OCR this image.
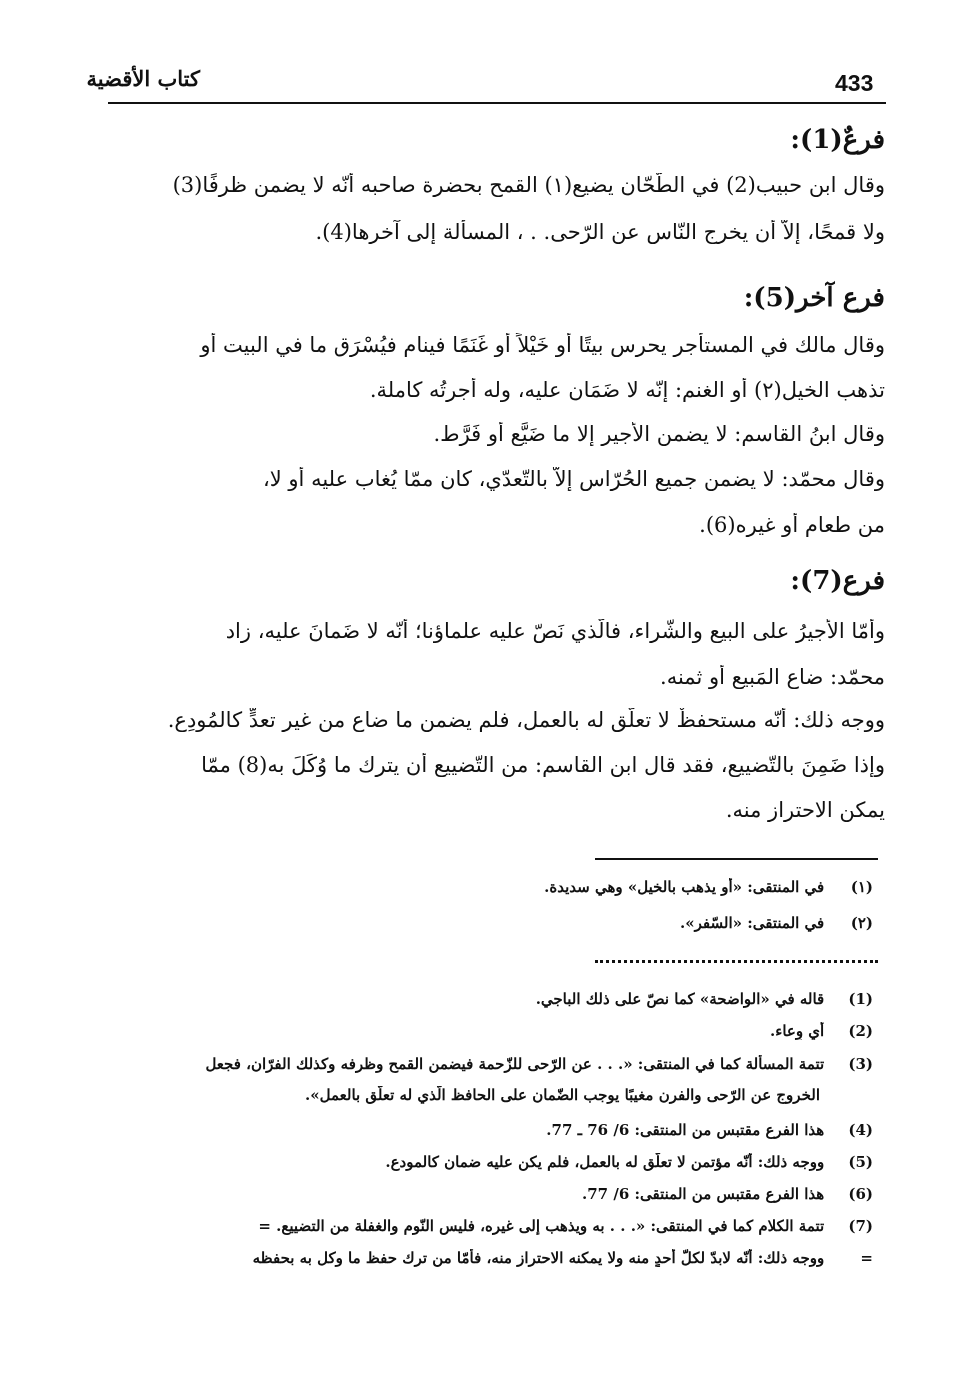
كتاب الأقضية	433
فرعٌ(1):
وقال ابن حبيب(2) في الطّحّان يضيع(١) القمح بحضرة صاحبه أنّه لا يضمن ظرفًا(3)
ولا قمحًا، إلاّ أن يخرج النّاس عن الرّحى. . ، المسألة إلى آخرها(4).
فرع آخر(5):
وقال مالك في المستأجر يحرس بيتًا أو خَيْلاً أو غَنَمًا فينام فيُسْرَق ما في البيت أو
تذهب الخيل(٢) أو الغنم: إنّه لا ضَمَان عليه، وله أُجرتُه كاملة.
وقال ابنُ القاسم: لا يضمن الأجير إلا ما ضَيَّع أو فَرَّط.
وقال محمّد: لا يضمن جميع الحُرّاس إلاّ بالتّعدّي، كان ممّا يُغاب عليه أو لا،
من طعامٍ أو غيره(6).
فرع(7):
وأمّا الأجيرُ على البيع والشّراء، فالّذي نَصّ عليه علماؤنا؛ أنّه لا ضَمانَ عليه، زاد
محمّد: ضاع المَبيع أو ثمنه.
ووجه ذلك: أنّه مستحفظٌ لا تعلّق له بالعمل، فلم يضمن ما ضاع من غير تعدٍّ كالمُودِع.
وإذا ضَمِنَ بالتّضييع، فقد قال ابن القاسم: من التّضييع أن يترك ما وُكِّلَ به(8) ممّا
يمكن الاحتراز منه.
(١) في المنتقى: «أو يذهب بالخيل» وهي سديدة.
(٢) في المنتقى: «السّفر».
(1) قاله في «الواضحة» كما نصّ على ذلك الباجي.
(2) أي وِعاء.
(3) تتمة المسألة كما في المنتقى: «. . . عن الرّحى للزّحمة فيضمن القمح وظرفه وكذلك الفرّان، فجعل
الخروج عن الرّحى والفرن مغيبًا يوجب الضّمان على الحافظ الّذي له تعلّق بالعمل».
(4) هذا الفرع مقتبس من المنتقى: 6/ 76 ـ 77.
(5) ووجه ذلك: أنّه مؤتمن لا تعلّق له بالعمل، فلم يكن عليه ضمان كالمودع.
(6) هذا الفرع مقتبس من المنتقى: 6/ 77.
(7) تتمة الكلام كما في المنتقى: «. . . به ويذهب إلى غيره، فليس النّوم والغفلة من التضييع. =
= ووجه ذلك: أنّه لابدّ لكلّ أحدٍ منه ولا يمكنه الاحتراز منه، فأمّا من ترك حفظ ما وكل به بحفظه
